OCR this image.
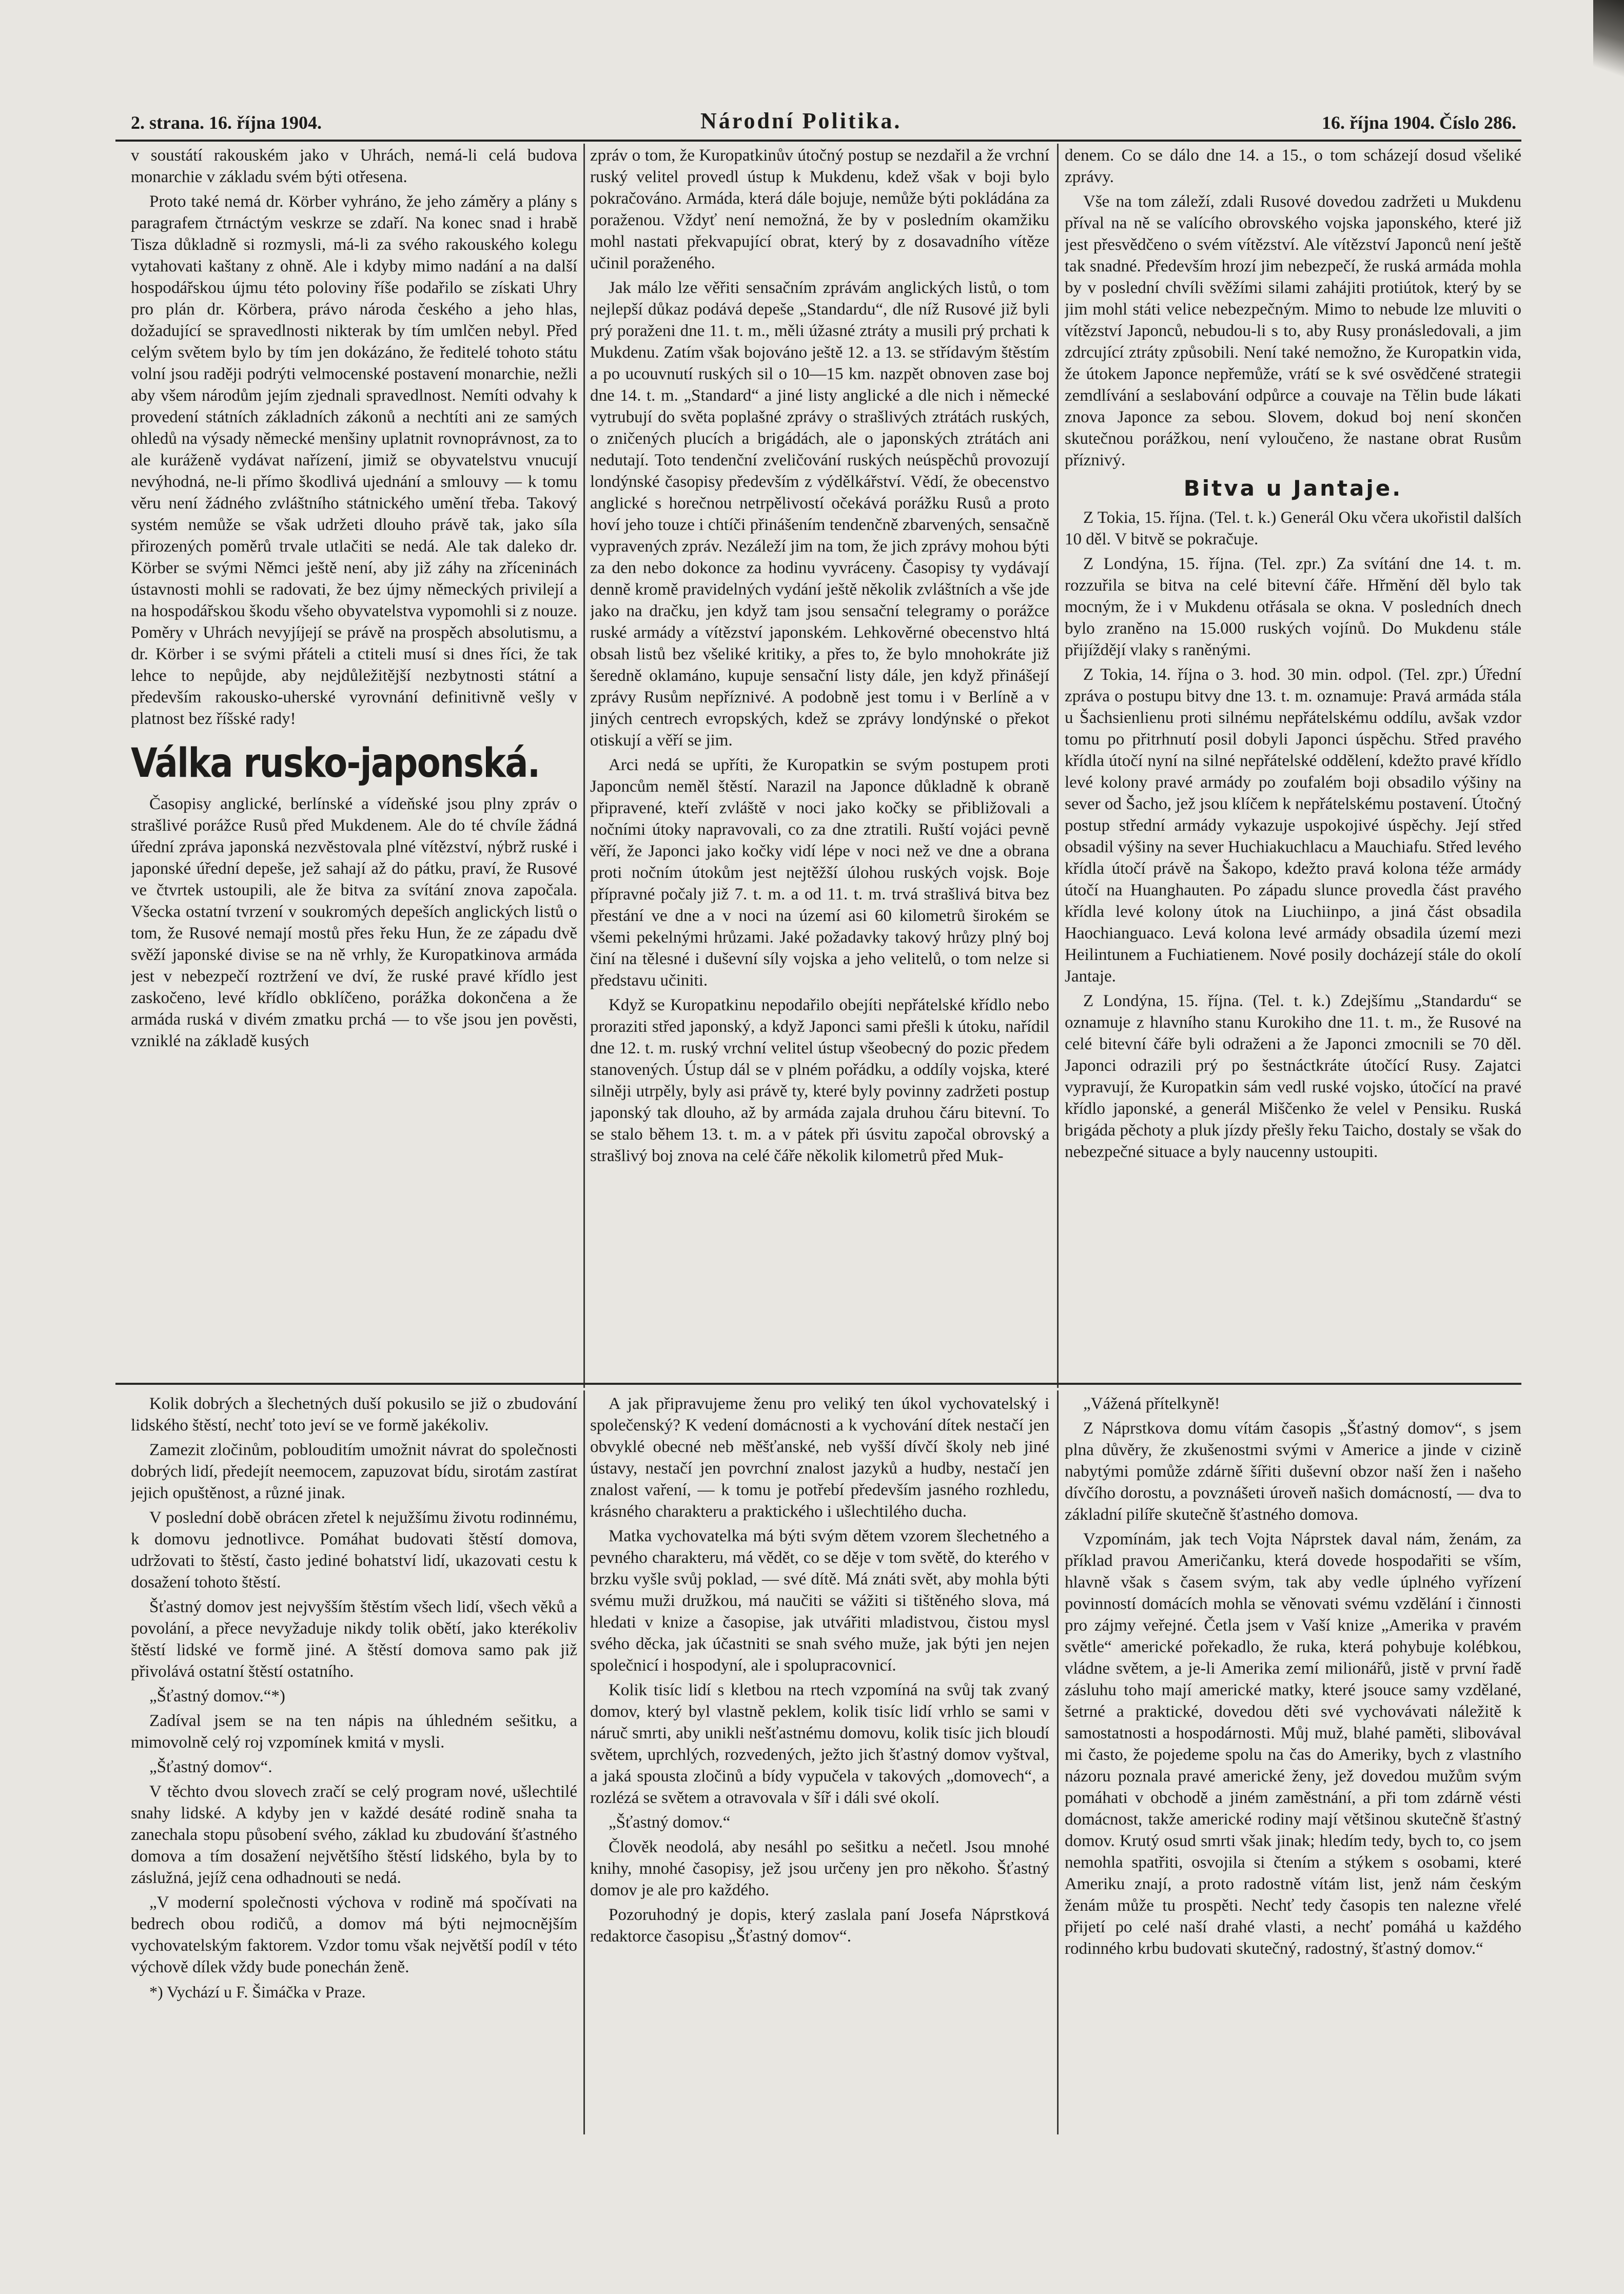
2. strana. 16. října 1904.	Národní Politika.	16. října 1904. Číslo 286.

v soustátí rakouském jako v Uhrách, nemá-li celá budova monarchie v základu svém býti otřesena.

Proto také nemá dr. Körber vyhráno, že jeho záměry a plány s paragrafem čtrnáctým veskrze se zdaří. Na konec snad i hrabě Tisza důkladně si rozmysli, má-li za svého rakouského kolegu vytahovati kaštany z ohně. Ale i kdyby mimo nadání a na další hospodářskou újmu této poloviny říše podařilo se získati Uhry pro plán dr. Körbera, právo národa českého a jeho hlas, dožadující se spravedlnosti nikterak by tím umlčen nebyl. Před celým světem bylo by tím jen dokázáno, že ředitelé tohoto státu volní jsou raději podrýti velmocenské postavení monarchie, nežli aby všem národům jejím zjednali spravedlnost. Nemíti odvahy k provedení státních základních zákonů a nechtíti ani ze samých ohledů na výsady německé menšiny uplatnit rovnoprávnost, za to ale kuráženě vydávat nařízení, jimiž se obyvatelstvu vnucují nevýhodná, ne-li přímo škodlivá ujednání a smlouvy — k tomu věru není žádného zvláštního státnického umění třeba. Takový systém nemůže se však udržeti dlouho právě tak, jako síla přirozených poměrů trvale utlačiti se nedá. Ale tak daleko dr. Körber se svými Němci ještě není, aby již záhy na zříceninách ústavnosti mohli se radovati, že bez újmy německých privilejí a na hospodářskou škodu všeho obyvatelstva vypomohli si z nouze. Poměry v Uhrách nevyjíjejí se právě na prospěch absolutismu, a dr. Körber i se svými přáteli a ctiteli musí si dnes říci, že tak lehce to nepůjde, aby nejdůležitější nezbytnosti státní a především rakousko-uherské vyrovnání definitivně vešly v platnost bez říšské rady!

Válka rusko-japonská.

Časopisy anglické, berlínské a vídeňské jsou plny zpráv o strašlivé porážce Rusů před Mukdenem. Ale do té chvíle žádná úřední zpráva japonská nezvěstovala plné vítězství, nýbrž ruské i japonské úřední depeše, jež sahají až do pátku, praví, že Rusové ve čtvrtek ustoupili, ale že bitva za svítání znova započala. Všecka ostatní tvrzení v soukromých depeších anglických listů o tom, že Rusové nemají mostů přes řeku Hun, že ze západu dvě svěží japonské divise se na ně vrhly, že Kuropatkinova armáda jest v nebezpečí roztržení ve dví, že ruské pravé křídlo jest zaskočeno, levé křídlo obklíčeno, porážka dokončena a že armáda ruská v divém zmatku prchá — to vše jsou jen pověsti, vzniklé na základě kusých

zpráv o tom, že Kuropatkinův útočný postup se nezdařil a že vrchní ruský velitel provedl ústup k Mukdenu, kdež však v boji bylo pokračováno. Armáda, která dále bojuje, nemůže býti pokládána za poraženou. Vždyť není nemožná, že by v posledním okamžiku mohl nastati překvapující obrat, který by z dosavadního vítěze učinil poraženého.

Jak málo lze věřiti sensačním zprávám anglických listů, o tom nejlepší důkaz podává depeše „Standardu“, dle níž Rusové již byli prý poraženi dne 11. t. m., měli úžasné ztráty a musili prý prchati k Mukdenu. Zatím však bojováno ještě 12. a 13. se střídavým štěstím a po ucouvnutí ruských sil o 10—15 km. nazpět obnoven zase boj dne 14. t. m. „Standard“ a jiné listy anglické a dle nich i německé vytrubují do světa poplašné zprávy o strašlivých ztrátách ruských, o zničených plucích a brigádách, ale o japonských ztrátách ani nedutají. Toto tendenční zveličování ruských neúspěchů provozují londýnské časopisy především z výdělkářství. Vědí, že obecenstvo anglické s horečnou netrpělivostí očekává porážku Rusů a proto hoví jeho touze i chtíči přinášením tendenčně zbarvených, sensačně vypravených zpráv. Nezáleží jim na tom, že jich zprávy mohou býti za den nebo dokonce za hodinu vyvráceny. Časopisy ty vydávají denně kromě pravidelných vydání ještě několik zvláštních a vše jde jako na dračku, jen když tam jsou sensační telegramy o porážce ruské armády a vítězství japonském. Lehkověrné obecenstvo hltá obsah listů bez všeliké kritiky, a přes to, že bylo mnohokráte již šeredně oklamáno, kupuje sensační listy dále, jen když přinášejí zprávy Rusům nepříznivé. A podobně jest tomu i v Berlíně a v jiných centrech evropských, kdež se zprávy londýnské o překot otiskují a věří se jim.

Arci nedá se upříti, že Kuropatkin se svým postupem proti Japoncům neměl štěstí. Narazil na Japonce důkladně k obraně připravené, kteří zvláště v noci jako kočky se přibližovali a nočními útoky napravovali, co za dne ztratili. Ruští vojáci pevně věří, že Japonci jako kočky vidí lépe v noci než ve dne a obrana proti nočním útokům jest nejtěžší úlohou ruských vojsk. Boje přípravné počaly již 7. t. m. a od 11. t. m. trvá strašlivá bitva bez přestání ve dne a v noci na území asi 60 kilometrů širokém se všemi pekelnými hrůzami. Jaké požadavky takový hrůzy plný boj činí na tělesné i duševní síly vojska a jeho velitelů, o tom nelze si představu učiniti.

Když se Kuropatkinu nepodařilo obejíti nepřátelské křídlo nebo proraziti střed japonský, a když Japonci sami přešli k útoku, nařídil dne 12. t. m. ruský vrchní velitel ústup všeobecný do pozic předem stanovených. Ústup dál se v plném pořádku, a oddíly vojska, které silněji utrpěly, byly asi právě ty, které byly povinny zadržeti postup japonský tak dlouho, až by armáda zajala druhou čáru bitevní. To se stalo během 13. t. m. a v pátek při úsvitu započal obrovský a strašlivý boj znova na celé čáře několik kilometrů před Muk-

denem. Co se dálo dne 14. a 15., o tom scházejí dosud všeliké zprávy.

Vše na tom záleží, zdali Rusové dovedou zadržeti u Mukdenu příval na ně se valícího obrovského vojska japonského, které již jest přesvědčeno o svém vítězství. Ale vítězství Japonců není ještě tak snadné. Především hrozí jim nebezpečí, že ruská armáda mohla by v poslední chvíli svěžími silami zahájiti protiútok, který by se jim mohl státi velice nebezpečným. Mimo to nebude lze mluviti o vítězství Japonců, nebudou-li s to, aby Rusy pronásledovali, a jim zdrcující ztráty způsobili. Není také nemožno, že Kuropatkin vida, že útokem Japonce nepřemůže, vrátí se k své osvědčené strategii zemdlívání a seslabování odpůrce a couvaje na Tělin bude lákati znova Japonce za sebou. Slovem, dokud boj není skončen skutečnou porážkou, není vyloučeno, že nastane obrat Rusům příznivý.

Bitva u Jantaje.

Z Tokia, 15. října. (Tel. t. k.) Generál Oku včera ukořistil dalších 10 děl. V bitvě se pokračuje.

Z Londýna, 15. října. (Tel. zpr.) Za svítání dne 14. t. m. rozzuřila se bitva na celé bitevní čáře. Hřmění děl bylo tak mocným, že i v Mukdenu otřásala se okna. V posledních dnech bylo zraněno na 15.000 ruských vojínů. Do Mukdenu stále přijíždějí vlaky s raněnými.

Z Tokia, 14. října o 3. hod. 30 min. odpol. (Tel. zpr.) Úřední zpráva o postupu bitvy dne 13. t. m. oznamuje: Pravá armáda stála u Šachsienlienu proti silnému nepřátelskému oddílu, avšak vzdor tomu po přitrhnutí posil dobyli Japonci úspěchu. Střed pravého křídla útočí nyní na silné nepřátelské oddělení, kdežto pravé křídlo levé kolony pravé armády po zoufalém boji obsadilo výšiny na sever od Šacho, jež jsou klíčem k nepřátelskému postavení. Útočný postup střední armády vykazuje uspokojivé úspěchy. Její střed obsadil výšiny na sever Huchiakuchlacu a Mauchiafu. Střed levého křídla útočí právě na Šakopo, kdežto pravá kolona téže armády útočí na Huanghauten. Po západu slunce provedla část pravého křídla levé kolony útok na Liuchiinpo, a jiná část obsadila Haochianguaco. Levá kolona levé armády obsadila území mezi Heilintunem a Fuchiatienem. Nové posily docházejí stále do okolí Jantaje.

Z Londýna, 15. října. (Tel. t. k.) Zdejšímu „Standardu“ se oznamuje z hlavního stanu Kurokiho dne 11. t. m., že Rusové na celé bitevní čáře byli odraženi a že Japonci zmocnili se 70 děl. Japonci odrazili prý po šestnáctkráte útočící Rusy. Zajatci vypravují, že Kuropatkin sám vedl ruské vojsko, útočící na pravé křídlo japonské, a generál Miščenko že velel v Pensiku. Ruská brigáda pěchoty a pluk jízdy přešly řeku Taicho, dostaly se však do nebezpečné situace a byly naucenny ustoupiti.

Kolik dobrých a šlechetných duší pokusilo se již o zbudování lidského štěstí, nechť toto jeví se ve formě jakékoliv.

Zamezit zločinům, poblouditím umožnit návrat do společnosti dobrých lidí, předejít neemocem, zapuzovat bídu, sirotám zastírat jejich opuštěnost, a různé jinak.

V poslední době obrácen zřetel k nejužšímu životu rodinnému, k domovu jednotlivce. Pomáhat budovati štěstí domova, udržovati to štěstí, často jediné bohatství lidí, ukazovati cestu k dosažení tohoto štěstí.

Šťastný domov jest nejvyšším štěstím všech lidí, všech věků a povolání, a přece nevyžaduje nikdy tolik obětí, jako kterékoliv štěstí lidské ve formě jiné. A štěstí domova samo pak již přivolává ostatní štěstí ostatního.

„Šťastný domov.“*)

Zadíval jsem se na ten nápis na úhledném sešitku, a mimovolně celý roj vzpomínek kmitá v mysli.

„Šťastný domov“.

V těchto dvou slovech zračí se celý program nové, ušlechtilé snahy lidské. A kdyby jen v každé desáté rodině snaha ta zanechala stopu působení svého, základ ku zbudování šťastného domova a tím dosažení největšího štěstí lidského, byla by to záslužná, jejíž cena odhadnouti se nedá.

„V moderní společnosti výchova v rodině má spočívati na bedrech obou rodičů, a domov má býti nejmocnějším vychovatelským faktorem. Vzdor tomu však největší podíl v této výchově dílek vždy bude ponechán ženě.

*) Vychází u F. Šimáčka v Praze.

A jak připravujeme ženu pro veliký ten úkol vychovatelský i společenský? K vedení domácnosti a k vychování dítek nestačí jen obvyklé obecné neb měšťanské, neb vyšší dívčí školy neb jiné ústavy, nestačí jen povrchní znalost jazyků a hudby, nestačí jen znalost vaření, — k tomu je potřebí především jasného rozhledu, krásného charakteru a praktického i ušlechtilého ducha.

Matka vychovatelka má býti svým dětem vzorem šlechetného a pevného charakteru, má vědět, co se děje v tom světě, do kterého v brzku vyšle svůj poklad, — své dítě. Má znáti svět, aby mohla býti svému muži družkou, má naučiti se vážiti si tištěného slova, má hledati v knize a časopise, jak utvářiti mladistvou, čistou mysl svého děcka, jak účastniti se snah svého muže, jak býti jen nejen společnicí i hospodyní, ale i spolupracovnicí.

Kolik tisíc lidí s kletbou na rtech vzpomíná na svůj tak zvaný domov, který byl vlastně peklem, kolik tisíc lidí vrhlo se sami v náruč smrti, aby unikli nešťastnému domovu, kolik tisíc jich bloudí světem, uprchlých, rozvedených, ježto jich šťastný domov vyštval, a jaká spousta zločinů a bídy vypučela v takových „domovech“, a rozlézá se světem a otravovala v šíř i dáli své okolí.

„Šťastný domov.“

Člověk neodolá, aby nesáhl po sešitku a nečetl. Jsou mnohé knihy, mnohé časopisy, jež jsou určeny jen pro někoho. Šťastný domov je ale pro každého.

Pozoruhodný je dopis, který zaslala paní Josefa Náprstková redaktorce časopisu „Šťastný domov“.

„Vážená přítelkyně!

Z Náprstkova domu vítám časopis „Šťastný domov“, s jsem plna důvěry, že zkušenostmi svými v Americe a jinde v cizině nabytými pomůže zdárně šířiti duševní obzor naší žen i našeho dívčího dorostu, a povznášeti úroveň našich domácností, — dva to základní pilíře skutečně šťastného domova.

Vzpomínám, jak tech Vojta Náprstek daval nám, ženám, za příklad pravou Američanku, která dovede hospodařiti se vším, hlavně však s časem svým, tak aby vedle úplného vyřízení povinností domácích mohla se věnovati svému vzdělání i činnosti pro zájmy veřejné. Četla jsem v Vaší knize „Amerika v pravém světle“ americké pořekadlo, že ruka, která pohybuje kolébkou, vládne světem, a je-li Amerika zemí milionářů, jistě v první řadě zásluhu toho mají americké matky, které jsouce samy vzdělané, šetrné a praktické, dovedou děti své vychovávati náležitě k samostatnosti a hospodárnosti. Můj muž, blahé paměti, slibovával mi často, že pojedeme spolu na čas do Ameriky, bych z vlastního názoru poznala pravé americké ženy, jež dovedou mužům svým pomáhati v obchodě a jiném zaměstnání, a při tom zdárně vésti domácnost, takže americké rodiny mají většinou skutečně šťastný domov. Krutý osud smrti však jinak; hledím tedy, bych to, co jsem nemohla spatřiti, osvojila si čtením a stýkem s osobami, které Ameriku znají, a proto radostně vítám list, jenž nám českým ženám může tu prospěti. Nechť tedy časopis ten nalezne vřelé přijetí po celé naší drahé vlasti, a nechť pomáhá u každého rodinného krbu budovati skutečný, radostný, šťastný domov.“
